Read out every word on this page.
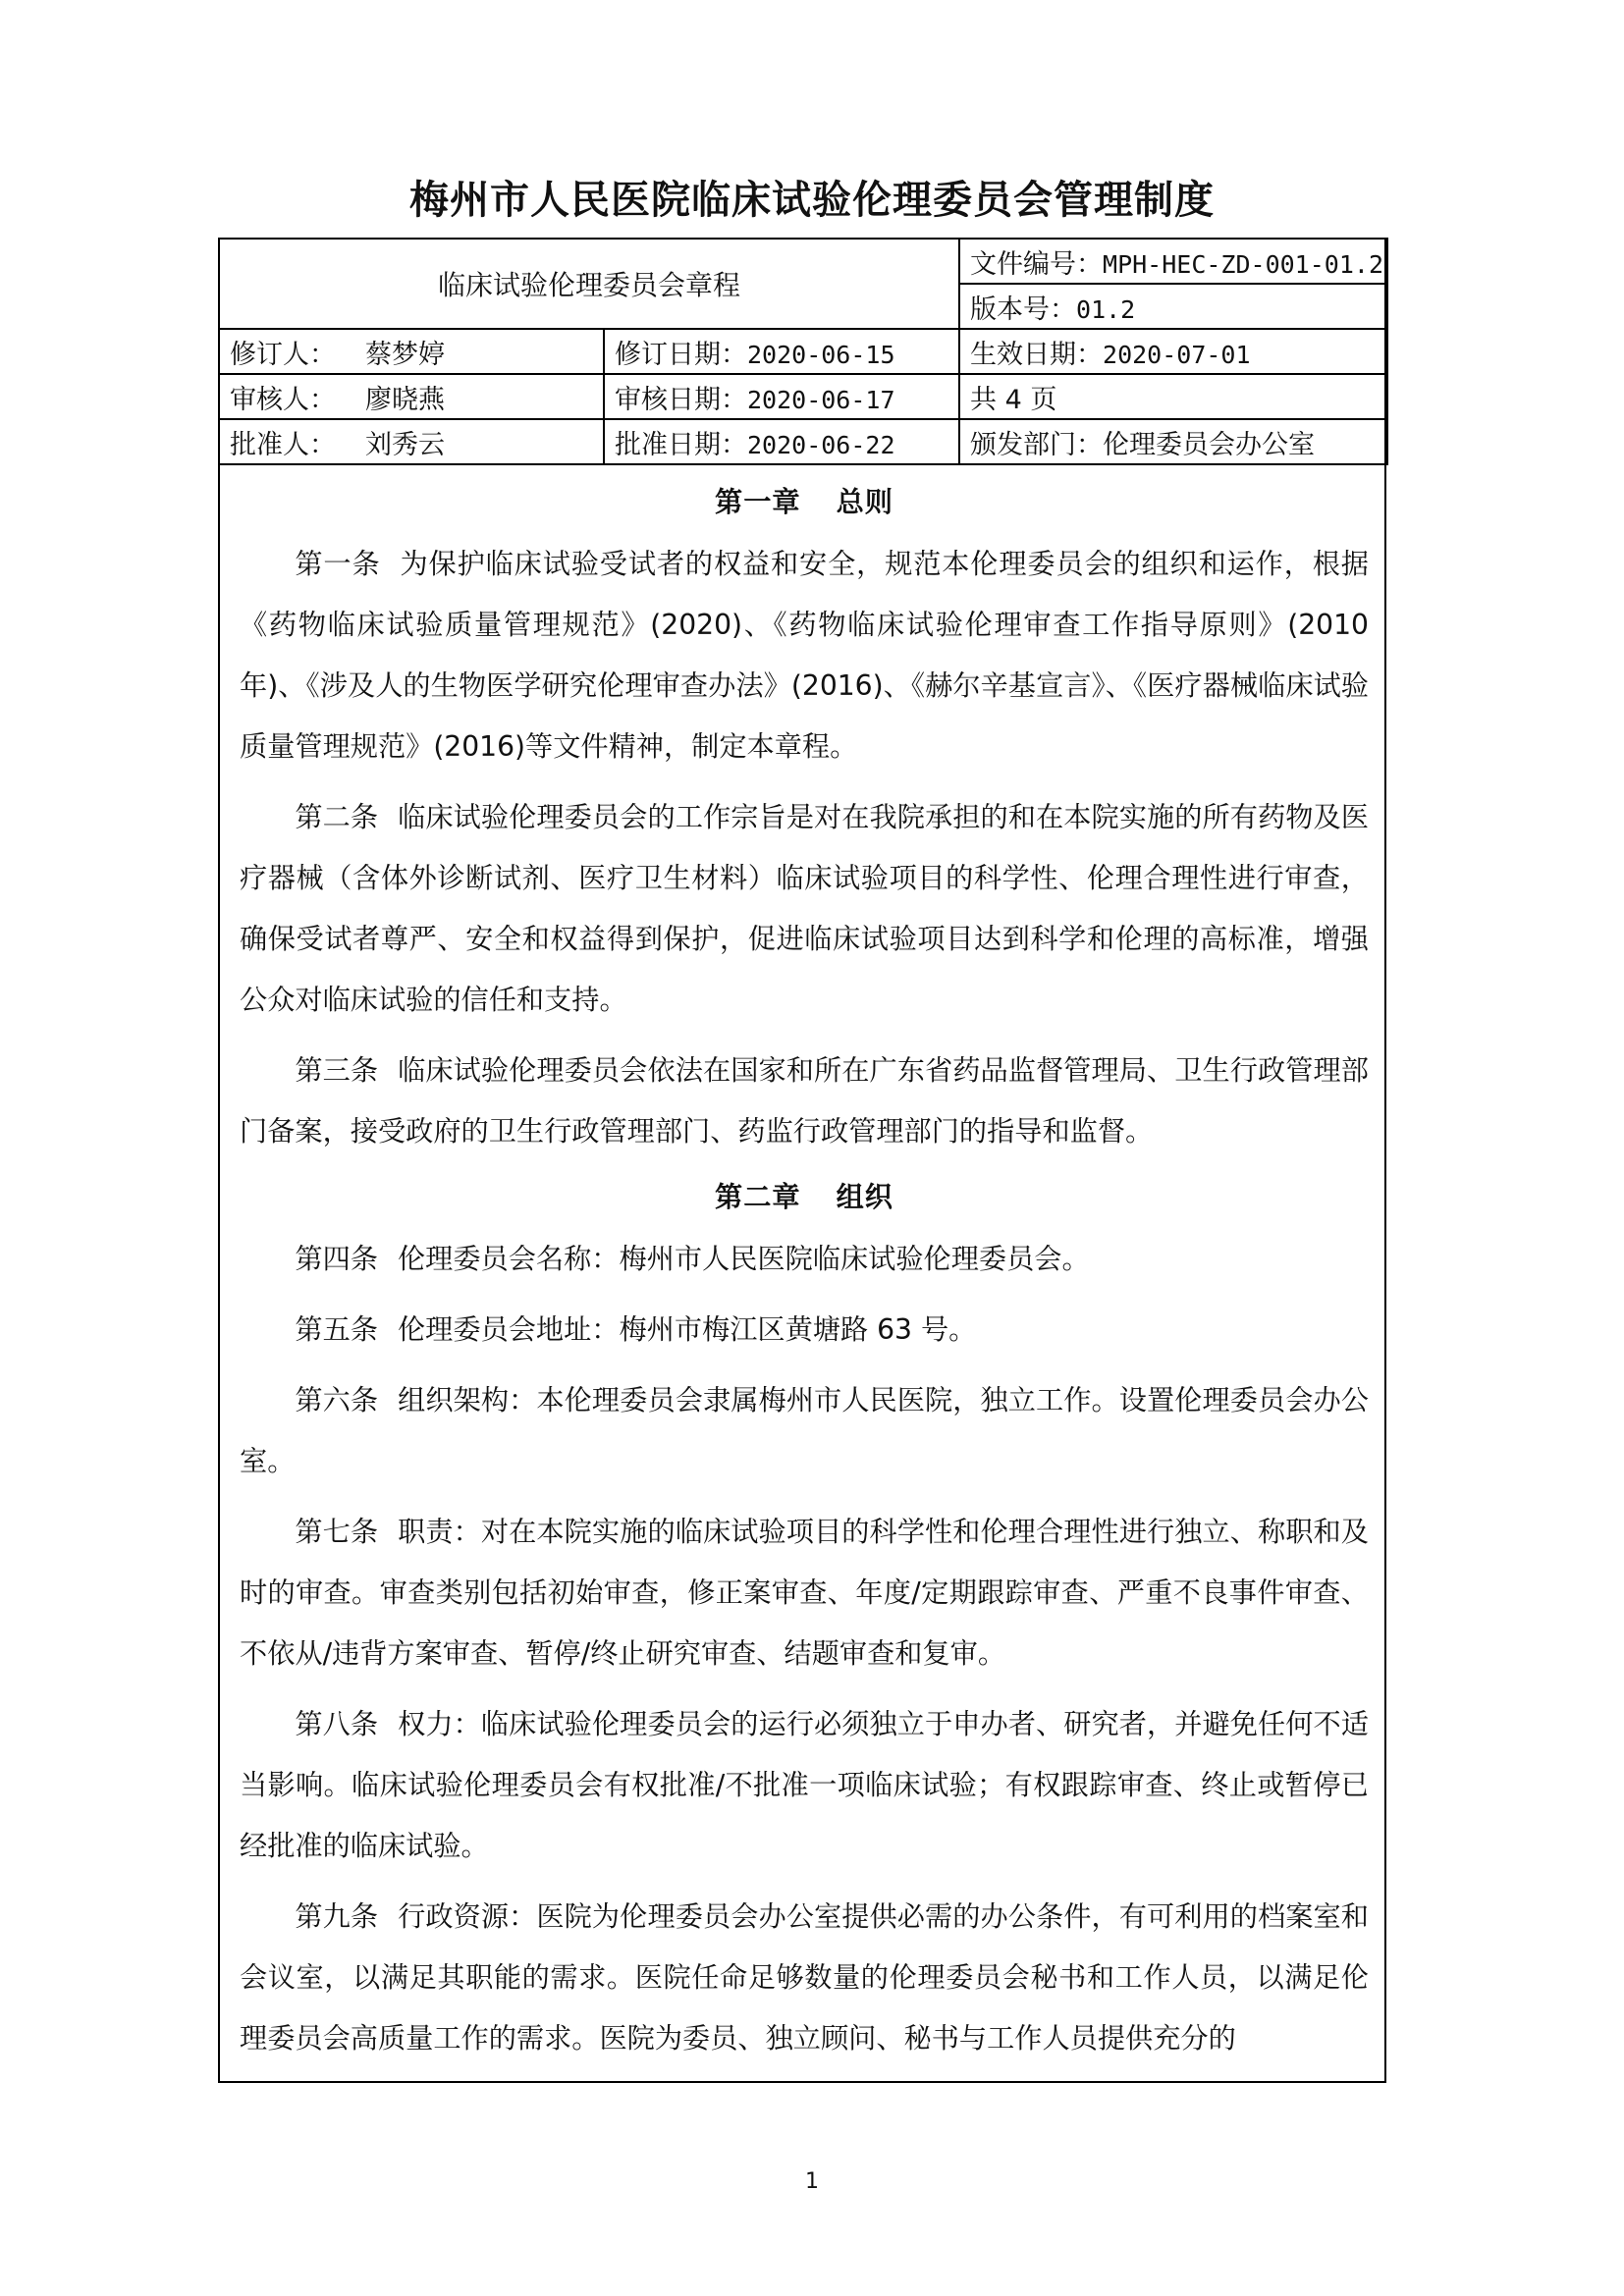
梅州市人民医院临床试验伦理委员会管理制度
临床试验伦理委员会章程		文件编号：MPH-HEC-ZD-001-01.2
		版本号：01.2
修订人： 蔡梦婷	修订日期：2020-06-15	生效日期：2020-07-01
审核人： 廖晓燕	审核日期：2020-06-17	共 4 页
批准人： 刘秀云	批准日期：2020-06-22	颁发部门：伦理委员会办公室
第一章 总则

第一条 为保护临床试验受试者的权益和安全，规范本伦理委员会的组织和运作，根据《药物临床试验质量管理规范》(2020)、《药物临床试验伦理审查工作指导原则》(2010年)、《涉及人的生物医学研究伦理审查办法》(2016)、《赫尔辛基宣言》、《医疗器械临床试验质量管理规范》(2016)等文件精神，制定本章程。

第二条 临床试验伦理委员会的工作宗旨是对在我院承担的和在本院实施的所有药物及医疗器械（含体外诊断试剂、医疗卫生材料）临床试验项目的科学性、伦理合理性进行审查，确保受试者尊严、安全和权益得到保护，促进临床试验项目达到科学和伦理的高标准，增强公众对临床试验的信任和支持。

第三条 临床试验伦理委员会依法在国家和所在广东省药品监督管理局、卫生行政管理部门备案，接受政府的卫生行政管理部门、药监行政管理部门的指导和监督。

第二章 组织

第四条 伦理委员会名称：梅州市人民医院临床试验伦理委员会。

第五条 伦理委员会地址：梅州市梅江区黄塘路 63 号。

第六条 组织架构：本伦理委员会隶属梅州市人民医院，独立工作。设置伦理委员会办公室。

第七条 职责：对在本院实施的临床试验项目的科学性和伦理合理性进行独立、称职和及时的审查。审查类别包括初始审查，修正案审查、年度/定期跟踪审查、严重不良事件审查、不依从/违背方案审查、暂停/终止研究审查、结题审查和复审。

第八条 权力：临床试验伦理委员会的运行必须独立于申办者、研究者，并避免任何不适当影响。临床试验伦理委员会有权批准/不批准一项临床试验；有权跟踪审查、终止或暂停已经批准的临床试验。

第九条 行政资源：医院为伦理委员会办公室提供必需的办公条件，有可利用的档案室和会议室，以满足其职能的需求。医院任命足够数量的伦理委员会秘书和工作人员，以满足伦理委员会高质量工作的需求。医院为委员、独立顾问、秘书与工作人员提供充分的

1
